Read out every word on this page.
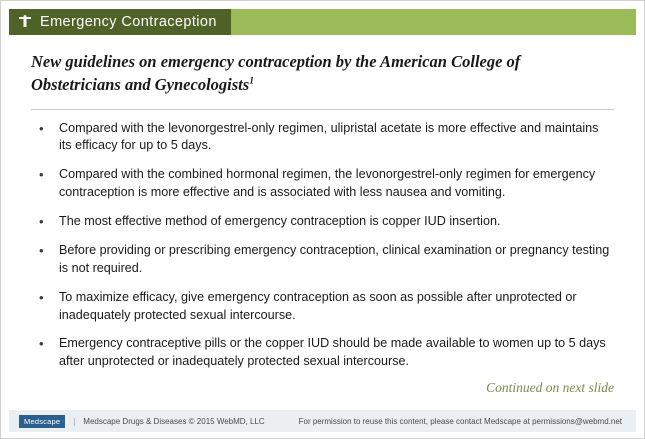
Emergency Contraception
New guidelines on emergency contraception by the American College of Obstetricians and Gynecologists$^1$
• Compared with the levonorgestrel-only regimen, ulipristal acetate is more effective and maintains its efficacy for up to 5 days.
• Compared with the combined hormonal regimen, the levonorgestrel-only regimen for emergency contraception is more effective and is associated with less nausea and vomiting.
• The most effective method of emergency contraception is copper IUD insertion.
• Before providing or prescribing emergency contraception, clinical examination or pregnancy testing is not required.
• To maximize efficacy, give emergency contraception as soon as possible after unprotected or inadequately protected sexual intercourse.
• Emergency contraceptive pills or the copper IUD should be made available to women up to 5 days after unprotected or inadequately protected sexual intercourse.
Continued on next slide
Medscape	| Medscape Drugs & Diseases © 2015 WebMD, LLC	For permission to reuse this content, please contact Medscape at permissions@webmd.net
